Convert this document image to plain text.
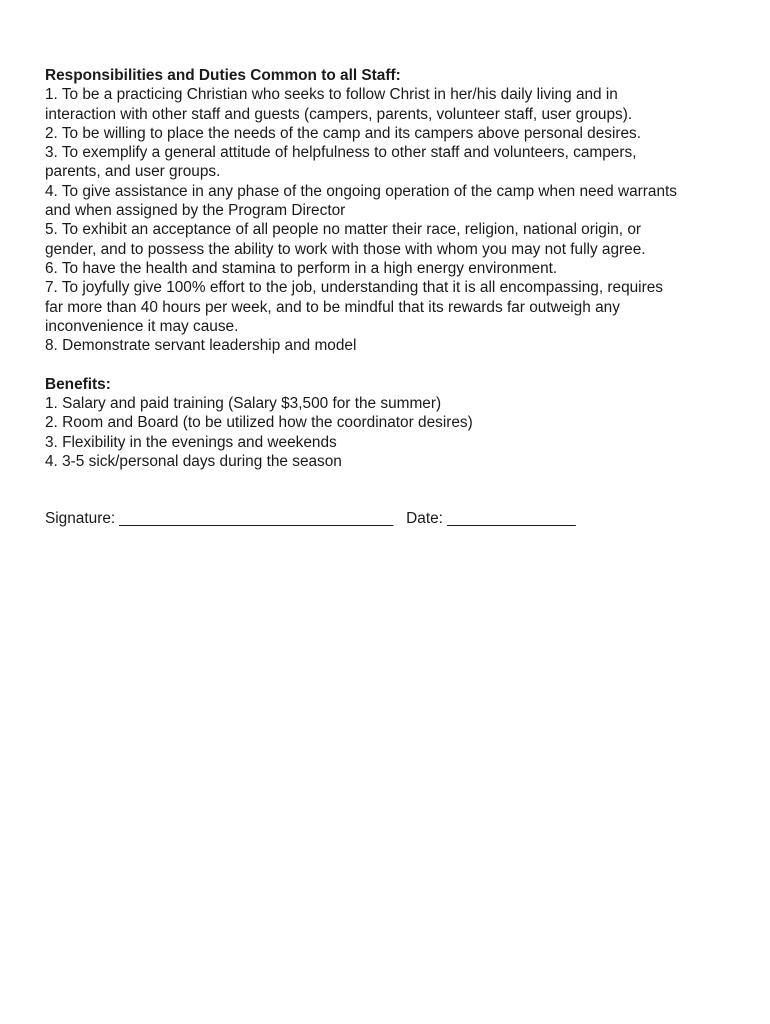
Responsibilities and Duties Common to all Staff:

1. To be a practicing Christian who seeks to follow Christ in her/his daily living and in
interaction with other staff and guests (campers, parents, volunteer staff, user groups).

2. To be willing to place the needs of the camp and its campers above personal desires.

3. To exemplify a general attitude of helpfulness to other staff and volunteers, campers,
parents, and user groups.

4. To give assistance in any phase of the ongoing operation of the camp when need warrants
and when assigned by the Program Director

5. To exhibit an acceptance of all people no matter their race, religion, national origin, or
gender, and to possess the ability to work with those with whom you may not fully agree.

6. To have the health and stamina to perform in a high energy environment.

7. To joyfully give 100% effort to the job, understanding that it is all encompassing, requires
far more than 40 hours per week, and to be mindful that its rewards far outweigh any
inconvenience it may cause.

8. Demonstrate servant leadership and model

Benefits:

1. Salary and paid training (Salary $3,500 for the summer)

2. Room and Board (to be utilized how the coordinator desires)

3. Flexibility in the evenings and weekends

4. 3-5 sick/personal days during the season

Signature: ________________________________ Date: _______________
